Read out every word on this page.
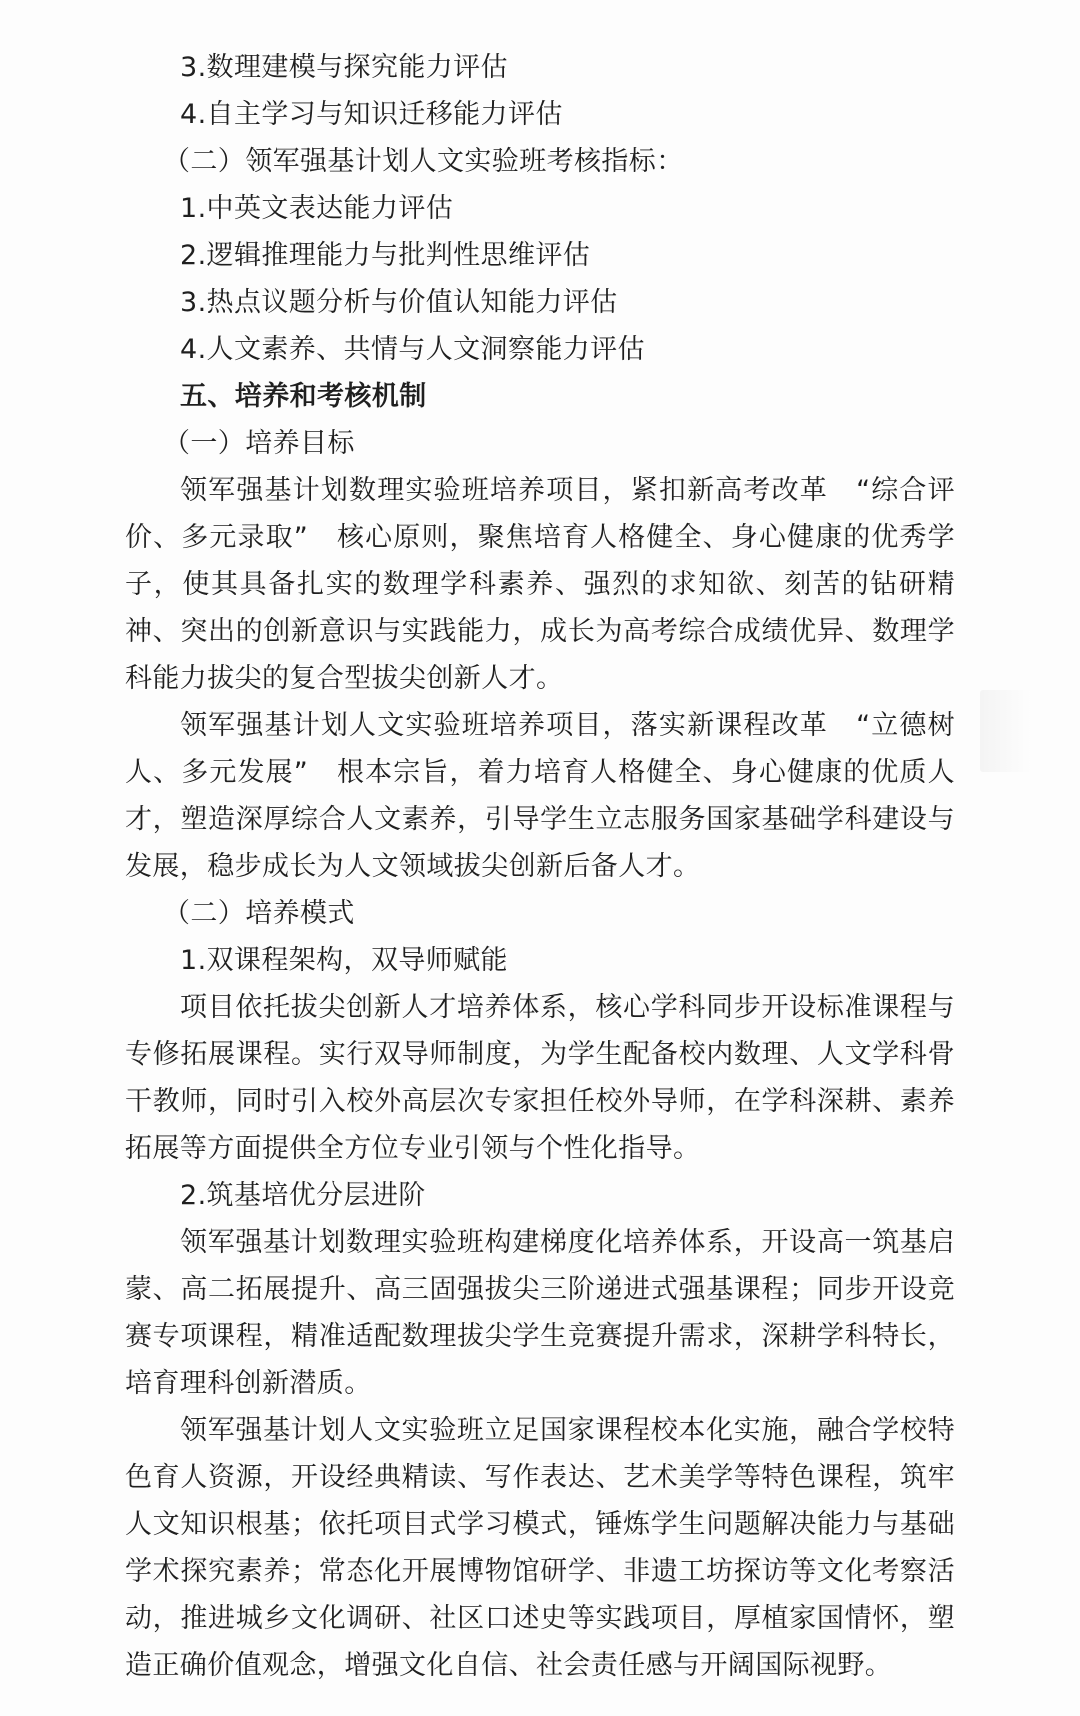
3.数理建模与探究能力评估

4.自主学习与知识迁移能力评估

（二）领军强基计划人文实验班考核指标：

1.中英文表达能力评估

2.逻辑推理能力与批判性思维评估

3.热点议题分析与价值认知能力评估

4.人文素养、共情与人文洞察能力评估

五、培养和考核机制

（一）培养目标

领军强基计划数理实验班培养项目，紧扣新高考改革　“综合评价、多元录取”　核心原则，聚焦培育人格健全、身心健康的优秀学子，使其具备扎实的数理学科素养、强烈的求知欲、刻苦的钻研精神、突出的创新意识与实践能力，成长为高考综合成绩优异、数理学科能力拔尖的复合型拔尖创新人才。

领军强基计划人文实验班培养项目，落实新课程改革　“立德树人、多元发展”　根本宗旨，着力培育人格健全、身心健康的优质人才，塑造深厚综合人文素养，引导学生立志服务国家基础学科建设与发展，稳步成长为人文领域拔尖创新后备人才。

（二）培养模式

1.双课程架构，双导师赋能

项目依托拔尖创新人才培养体系，核心学科同步开设标准课程与专修拓展课程。实行双导师制度，为学生配备校内数理、人文学科骨干教师，同时引入校外高层次专家担任校外导师，在学科深耕、素养拓展等方面提供全方位专业引领与个性化指导。

2.筑基培优分层进阶

领军强基计划数理实验班构建梯度化培养体系，开设高一筑基启蒙、高二拓展提升、高三固强拔尖三阶递进式强基课程；同步开设竞赛专项课程，精准适配数理拔尖学生竞赛提升需求，深耕学科特长，培育理科创新潜质。

领军强基计划人文实验班立足国家课程校本化实施，融合学校特色育人资源，开设经典精读、写作表达、艺术美学等特色课程，筑牢人文知识根基；依托项目式学习模式，锤炼学生问题解决能力与基础学术探究素养；常态化开展博物馆研学、非遗工坊探访等文化考察活动，推进城乡文化调研、社区口述史等实践项目，厚植家国情怀，塑造正确价值观念，增强文化自信、社会责任感与开阔国际视野。
